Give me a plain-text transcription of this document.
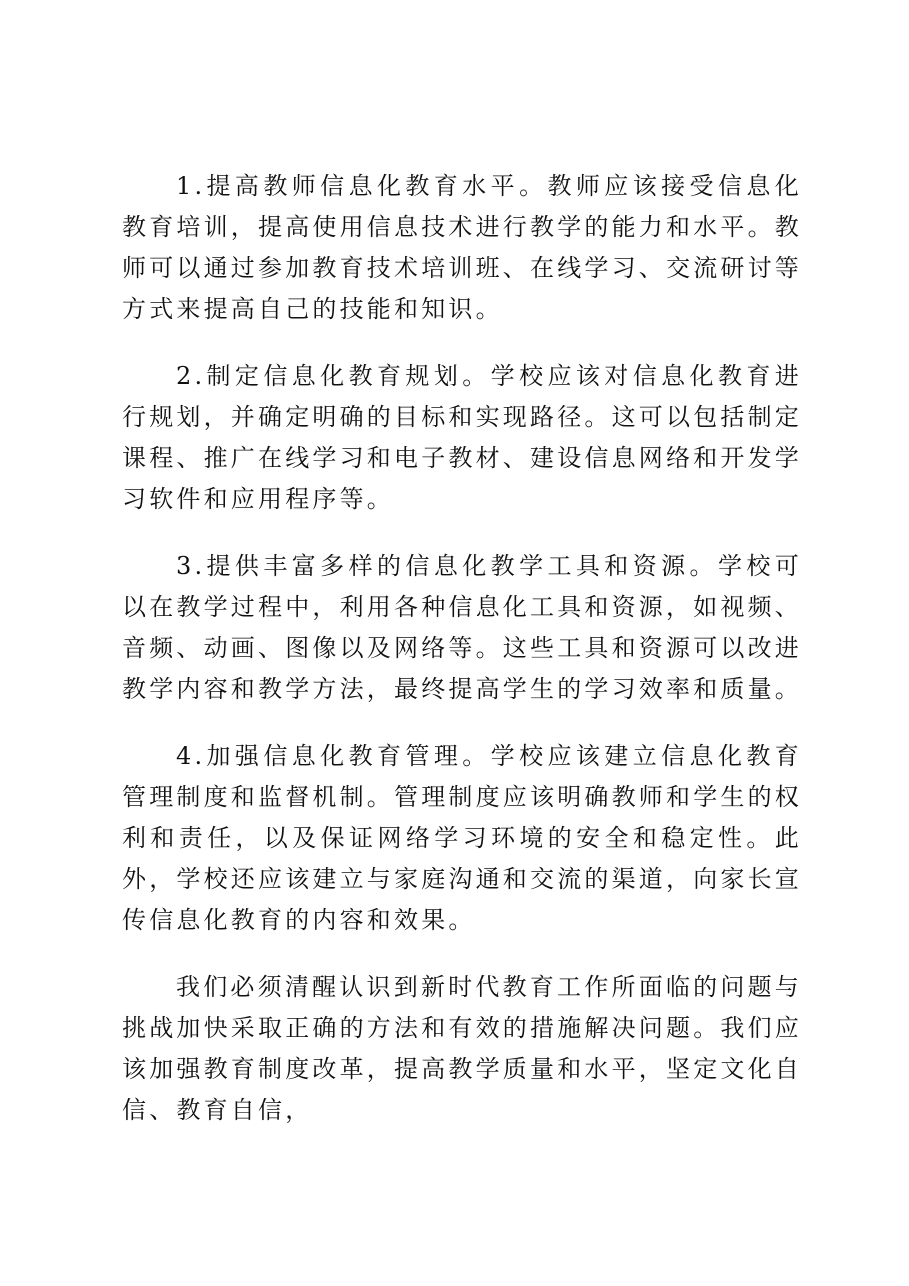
1.提高教师信息化教育水平。教师应该接受信息化教育培训，提高使用信息技术进行教学的能力和水平。教师可以通过参加教育技术培训班、在线学习、交流研讨等方式来提高自己的技能和知识。

2.制定信息化教育规划。学校应该对信息化教育进行规划，并确定明确的目标和实现路径。这可以包括制定课程、推广在线学习和电子教材、建设信息网络和开发学习软件和应用程序等。

3.提供丰富多样的信息化教学工具和资源。学校可以在教学过程中，利用各种信息化工具和资源，如视频、音频、动画、图像以及网络等。这些工具和资源可以改进教学内容和教学方法，最终提高学生的学习效率和质量。

4.加强信息化教育管理。学校应该建立信息化教育管理制度和监督机制。管理制度应该明确教师和学生的权利和责任，以及保证网络学习环境的安全和稳定性。此外，学校还应该建立与家庭沟通和交流的渠道，向家长宣传信息化教育的内容和效果。

我们必须清醒认识到新时代教育工作所面临的问题与挑战加快采取正确的方法和有效的措施解决问题。我们应该加强教育制度改革，提高教学质量和水平，坚定文化自信、教育自信，
